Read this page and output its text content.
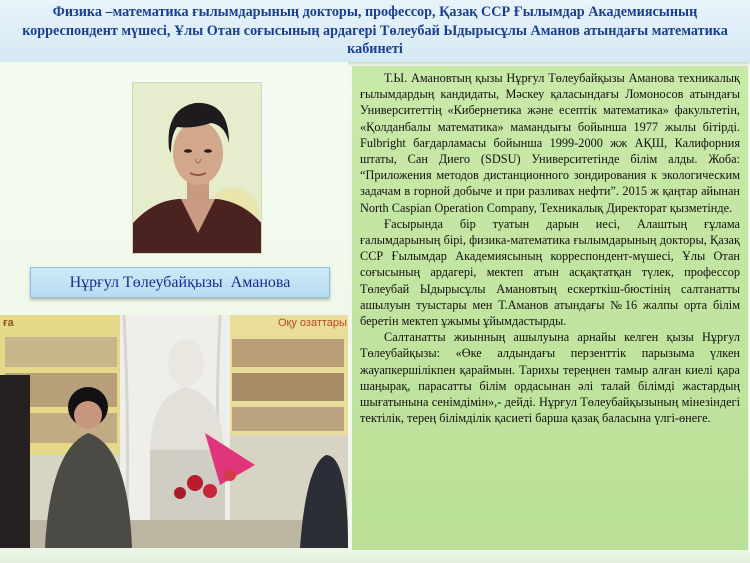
Физика –математика ғылымдарының докторы, профессор, Қазақ ССР Ғылымдар Академиясының

корреспондент мүшесі, Ұлы Отан соғысының ардагері Төлеубай Ыдырысұлы Аманов атындағы математика

кабинеті

Нұрғул Төлеубайқызы  Аманова
ға	Оқу озаттары

Т.Ы. Амановтың қызы Нұрғул Төлеубайқызы Аманова техникалық ғылымдардың кандидаты, Мәскеу қаласындағы Ломоносов атындағы Университеттің «Кибернетика және есептік математика» факультетін, «Қолданбалы математика» мамандығы бойынша 1977 жылы бітірді. Fulbright бағдарламасы бойынша 1999-2000 жж АҚШ, Калифорния штаты, Сан Диего (SDSU) Университетінде білім алды. Жоба: “Приложения методов дистанционного зондирования к экологическим задачам в горной добыче и при разливах нефти”. 2015 ж қаңтар айынан North Caspian Operation Company, Техникалық Директорат қызметінде.

Ғасырында бір туатын дарын иесі, Алаштың ғұлама ғалымдарының бірі, физика-математика ғылымдарының докторы, Қазақ ССР Ғылымдар Академиясының корреспондент-мүшесі, Ұлы Отан соғысының ардагері, мектеп атын асқақтатқан түлек, профессор Төлеубай Ыдырысұлы Амановтың ескерткіш-бюстінің салтанатты ашылуын туыстары мен Т.Аманов атындағы №16 жалпы орта білім беретін мектеп ұжымы ұйымдастырды.

Салтанатты жиынның ашылуына арнайы келген қызы Нұрғул Төлеубайқызы: «Өке алдындағы перзенттік парызыма үлкен жауапкершілікпен қараймын. Тарихы тереңнен тамыр алған киелі қара шаңырақ, парасатты білім ордасынан әлі талай білімді жастардың шығатынына сенімдімін»,- дейді. Нұрғул Төлеубайқызының мінезіндегі тектілік, терең білімділік қасиеті барша қазақ баласына үлгі-өнеге.
